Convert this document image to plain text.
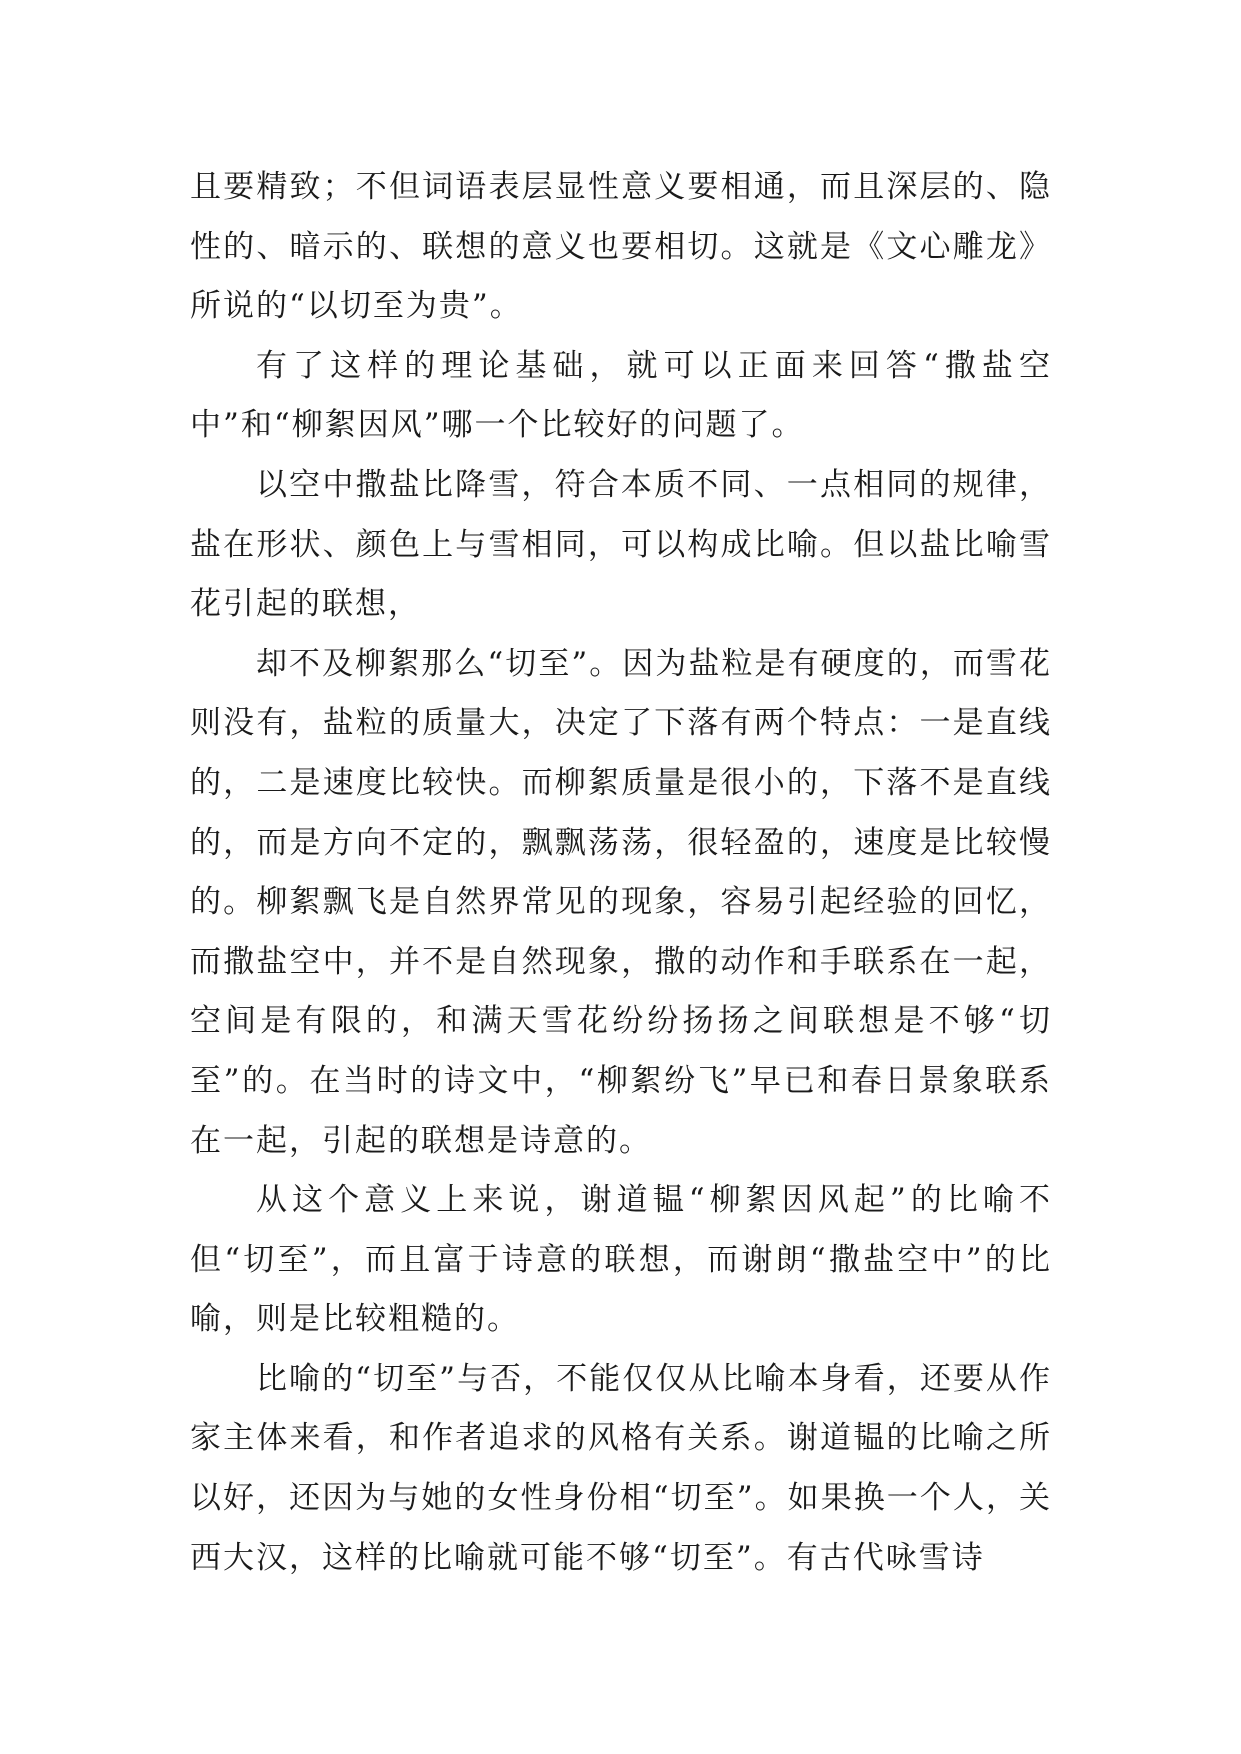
且要精致；不但词语表层显性意义要相通，而且深层的、隐性的、暗示的、联想的意义也要相切。这就是《文心雕龙》所说的“以切至为贵”。

有了这样的理论基础，就可以正面来回答“撒盐空中”和“柳絮因风”哪一个比较好的问题了。

以空中撒盐比降雪，符合本质不同、一点相同的规律，盐在形状、颜色上与雪相同，可以构成比喻。但以盐比喻雪花引起的联想，

却不及柳絮那么“切至”。因为盐粒是有硬度的，而雪花则没有，盐粒的质量大，决定了下落有两个特点：一是直线的，二是速度比较快。而柳絮质量是很小的，下落不是直线的，而是方向不定的，飘飘荡荡，很轻盈的，速度是比较慢的。柳絮飘飞是自然界常见的现象，容易引起经验的回忆，而撒盐空中，并不是自然现象，撒的动作和手联系在一起，空间是有限的，和满天雪花纷纷扬扬之间联想是不够“切至”的。在当时的诗文中，“柳絮纷飞”早已和春日景象联系在一起，引起的联想是诗意的。

从这个意义上来说，谢道韫“柳絮因风起”的比喻不但“切至”，而且富于诗意的联想，而谢朗“撒盐空中”的比喻，则是比较粗糙的。

比喻的“切至”与否，不能仅仅从比喻本身看，还要从作家主体来看，和作者追求的风格有关系。谢道韫的比喻之所以好，还因为与她的女性身份相“切至”。如果换一个人，关西大汉，这样的比喻就可能不够“切至”。有古代咏雪诗
